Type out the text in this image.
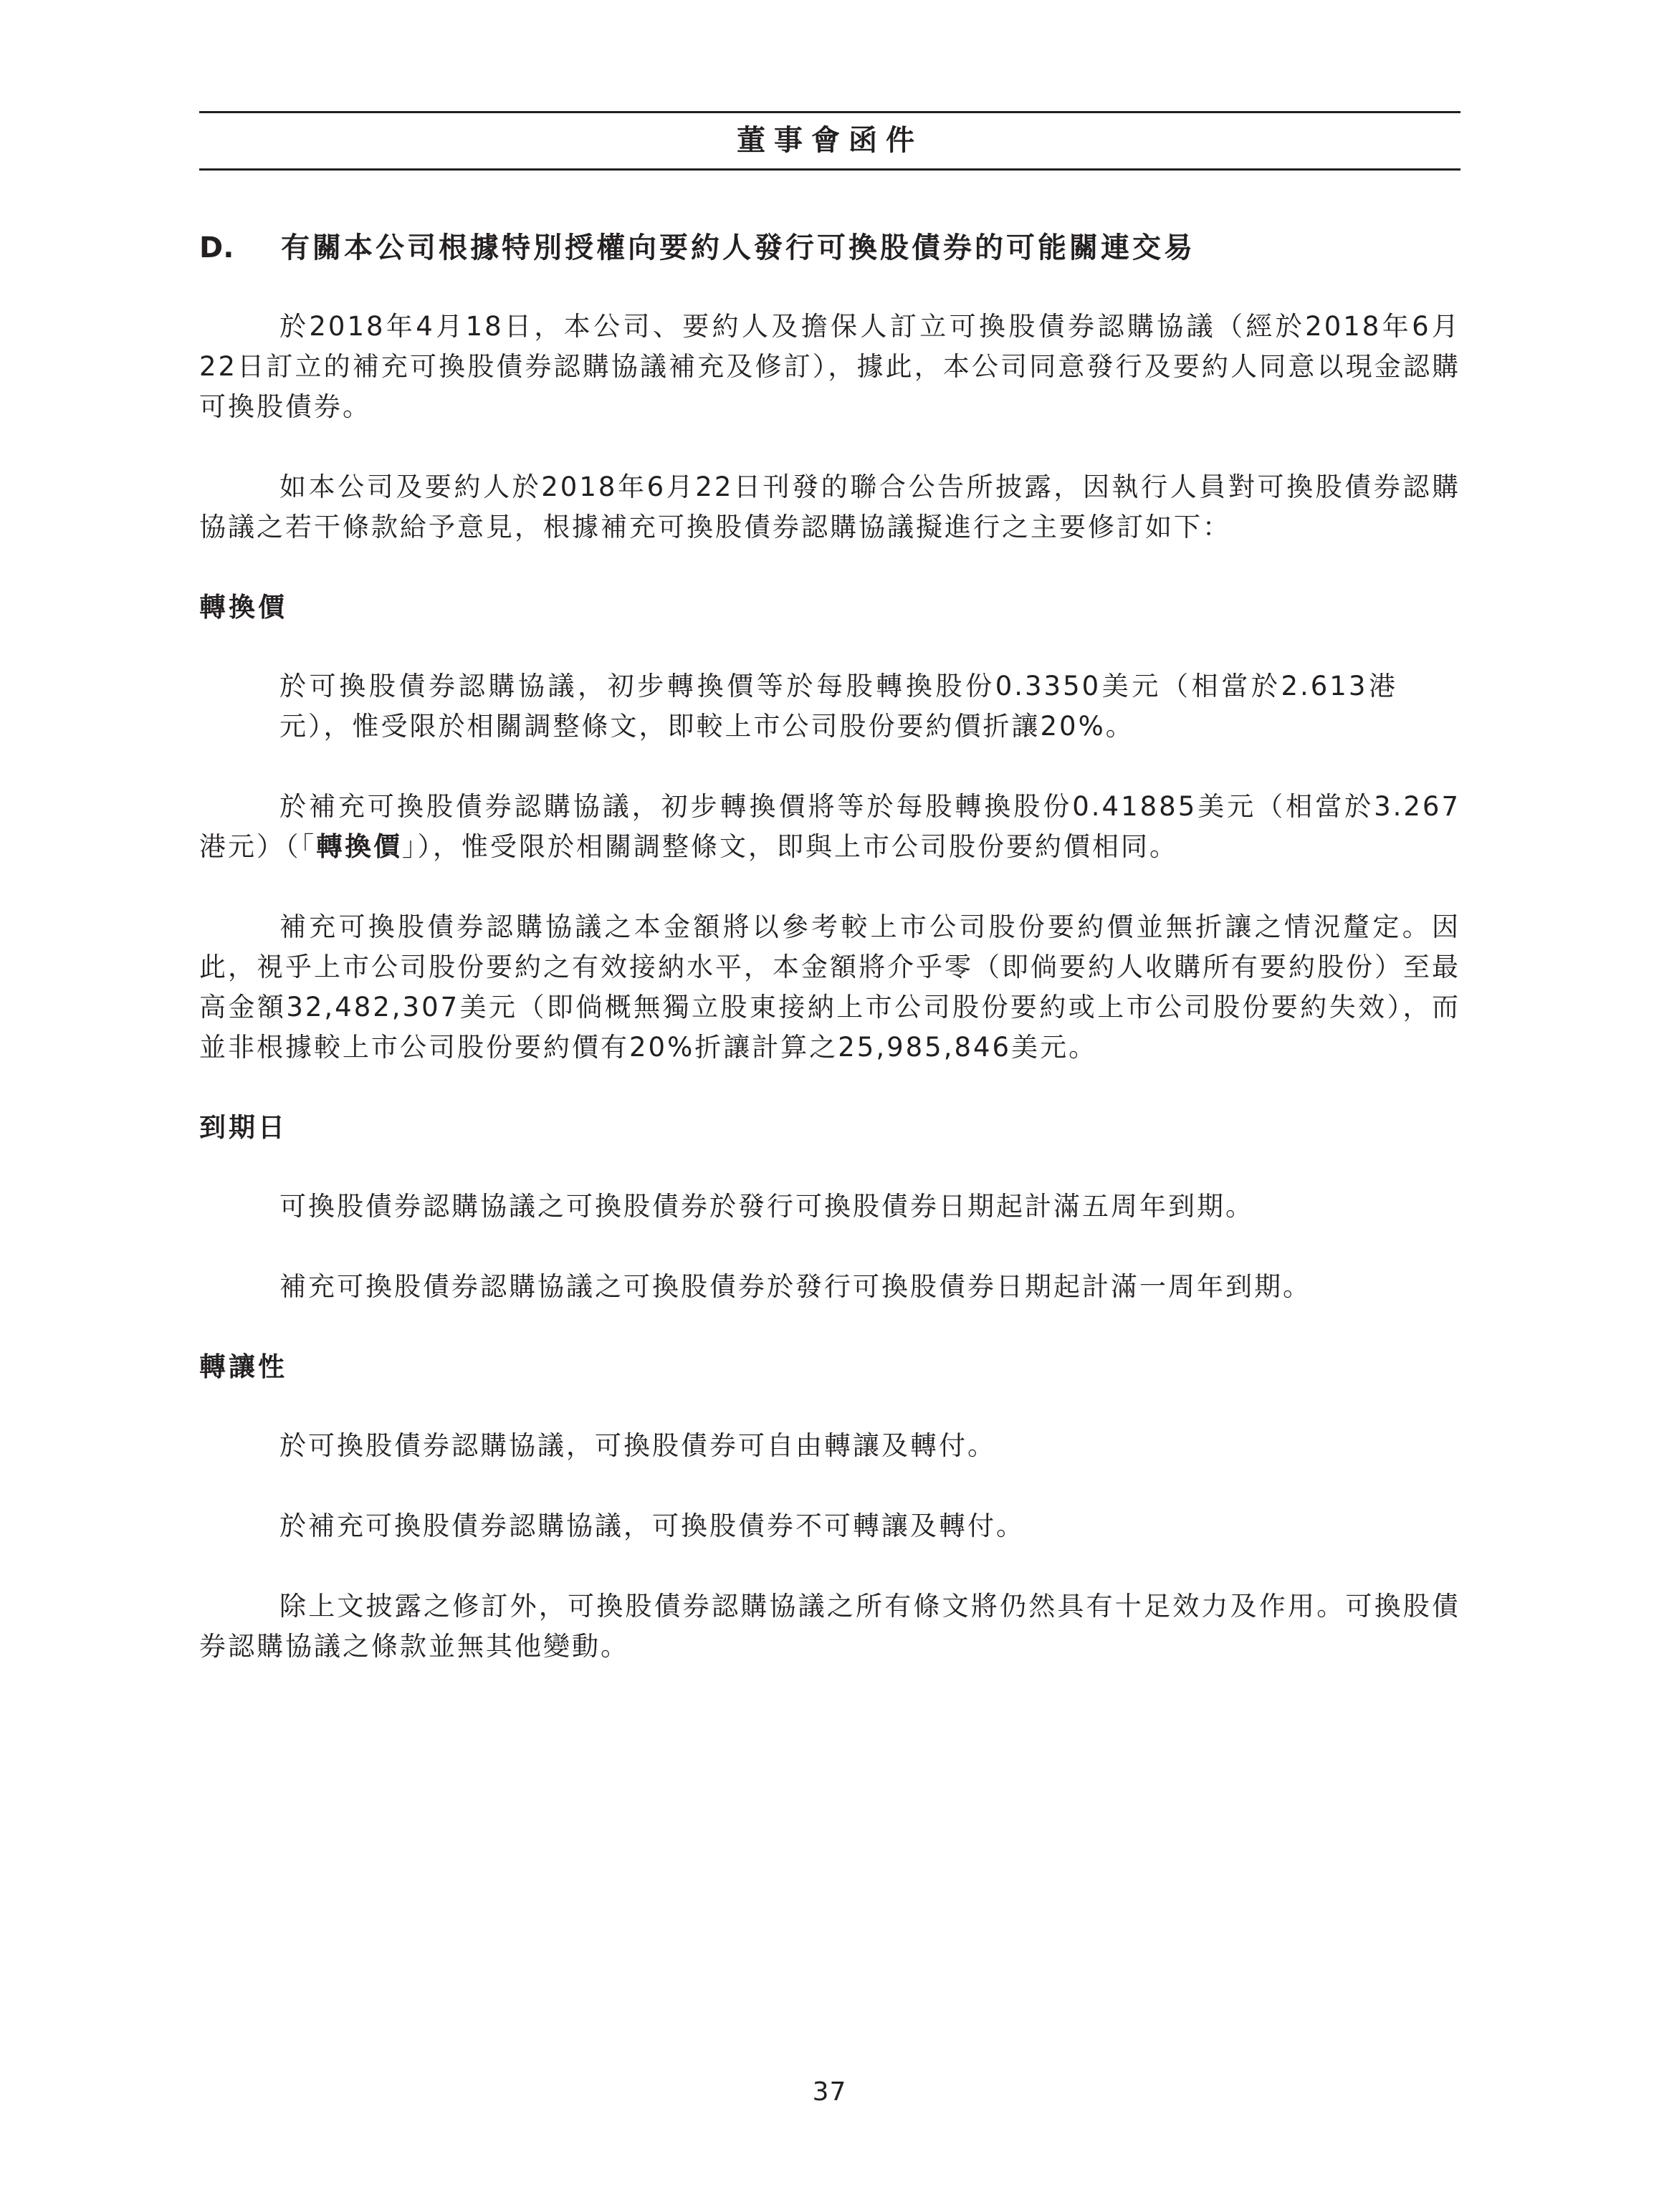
董事會函件
D.	有關本公司根據特別授權向要約人發行可換股債券的可能關連交易

於2018年4月18日，本公司、要約人及擔保人訂立可換股債券認購協議（經於2018年6月22日訂立的補充可換股債券認購協議補充及修訂），據此，本公司同意發行及要約人同意以現金認購可換股債券。

如本公司及要約人於2018年6月22日刊發的聯合公告所披露，因執行人員對可換股債券認購協議之若干條款給予意見，根據補充可換股債券認購協議擬進行之主要修訂如下：

轉換價

於可換股債券認購協議，初步轉換價等於每股轉換股份0.3350美元（相當於2.613港元），惟受限於相關調整條文，即較上市公司股份要約價折讓20%。

於補充可換股債券認購協議，初步轉換價將等於每股轉換股份0.41885美元（相當於3.267港元）（「轉換價」），惟受限於相關調整條文，即與上市公司股份要約價相同。

補充可換股債券認購協議之本金額將以參考較上市公司股份要約價並無折讓之情況釐定。因此，視乎上市公司股份要約之有效接納水平，本金額將介乎零（即倘要約人收購所有要約股份）至最高金額32,482,307美元（即倘概無獨立股東接納上市公司股份要約或上市公司股份要約失效），而並非根據較上市公司股份要約價有20%折讓計算之25,985,846美元。

到期日

可換股債券認購協議之可換股債券於發行可換股債券日期起計滿五周年到期。

補充可換股債券認購協議之可換股債券於發行可換股債券日期起計滿一周年到期。

轉讓性

於可換股債券認購協議，可換股債券可自由轉讓及轉付。

於補充可換股債券認購協議，可換股債券不可轉讓及轉付。

除上文披露之修訂外，可換股債券認購協議之所有條文將仍然具有十足效力及作用。可換股債券認購協議之條款並無其他變動。

37
